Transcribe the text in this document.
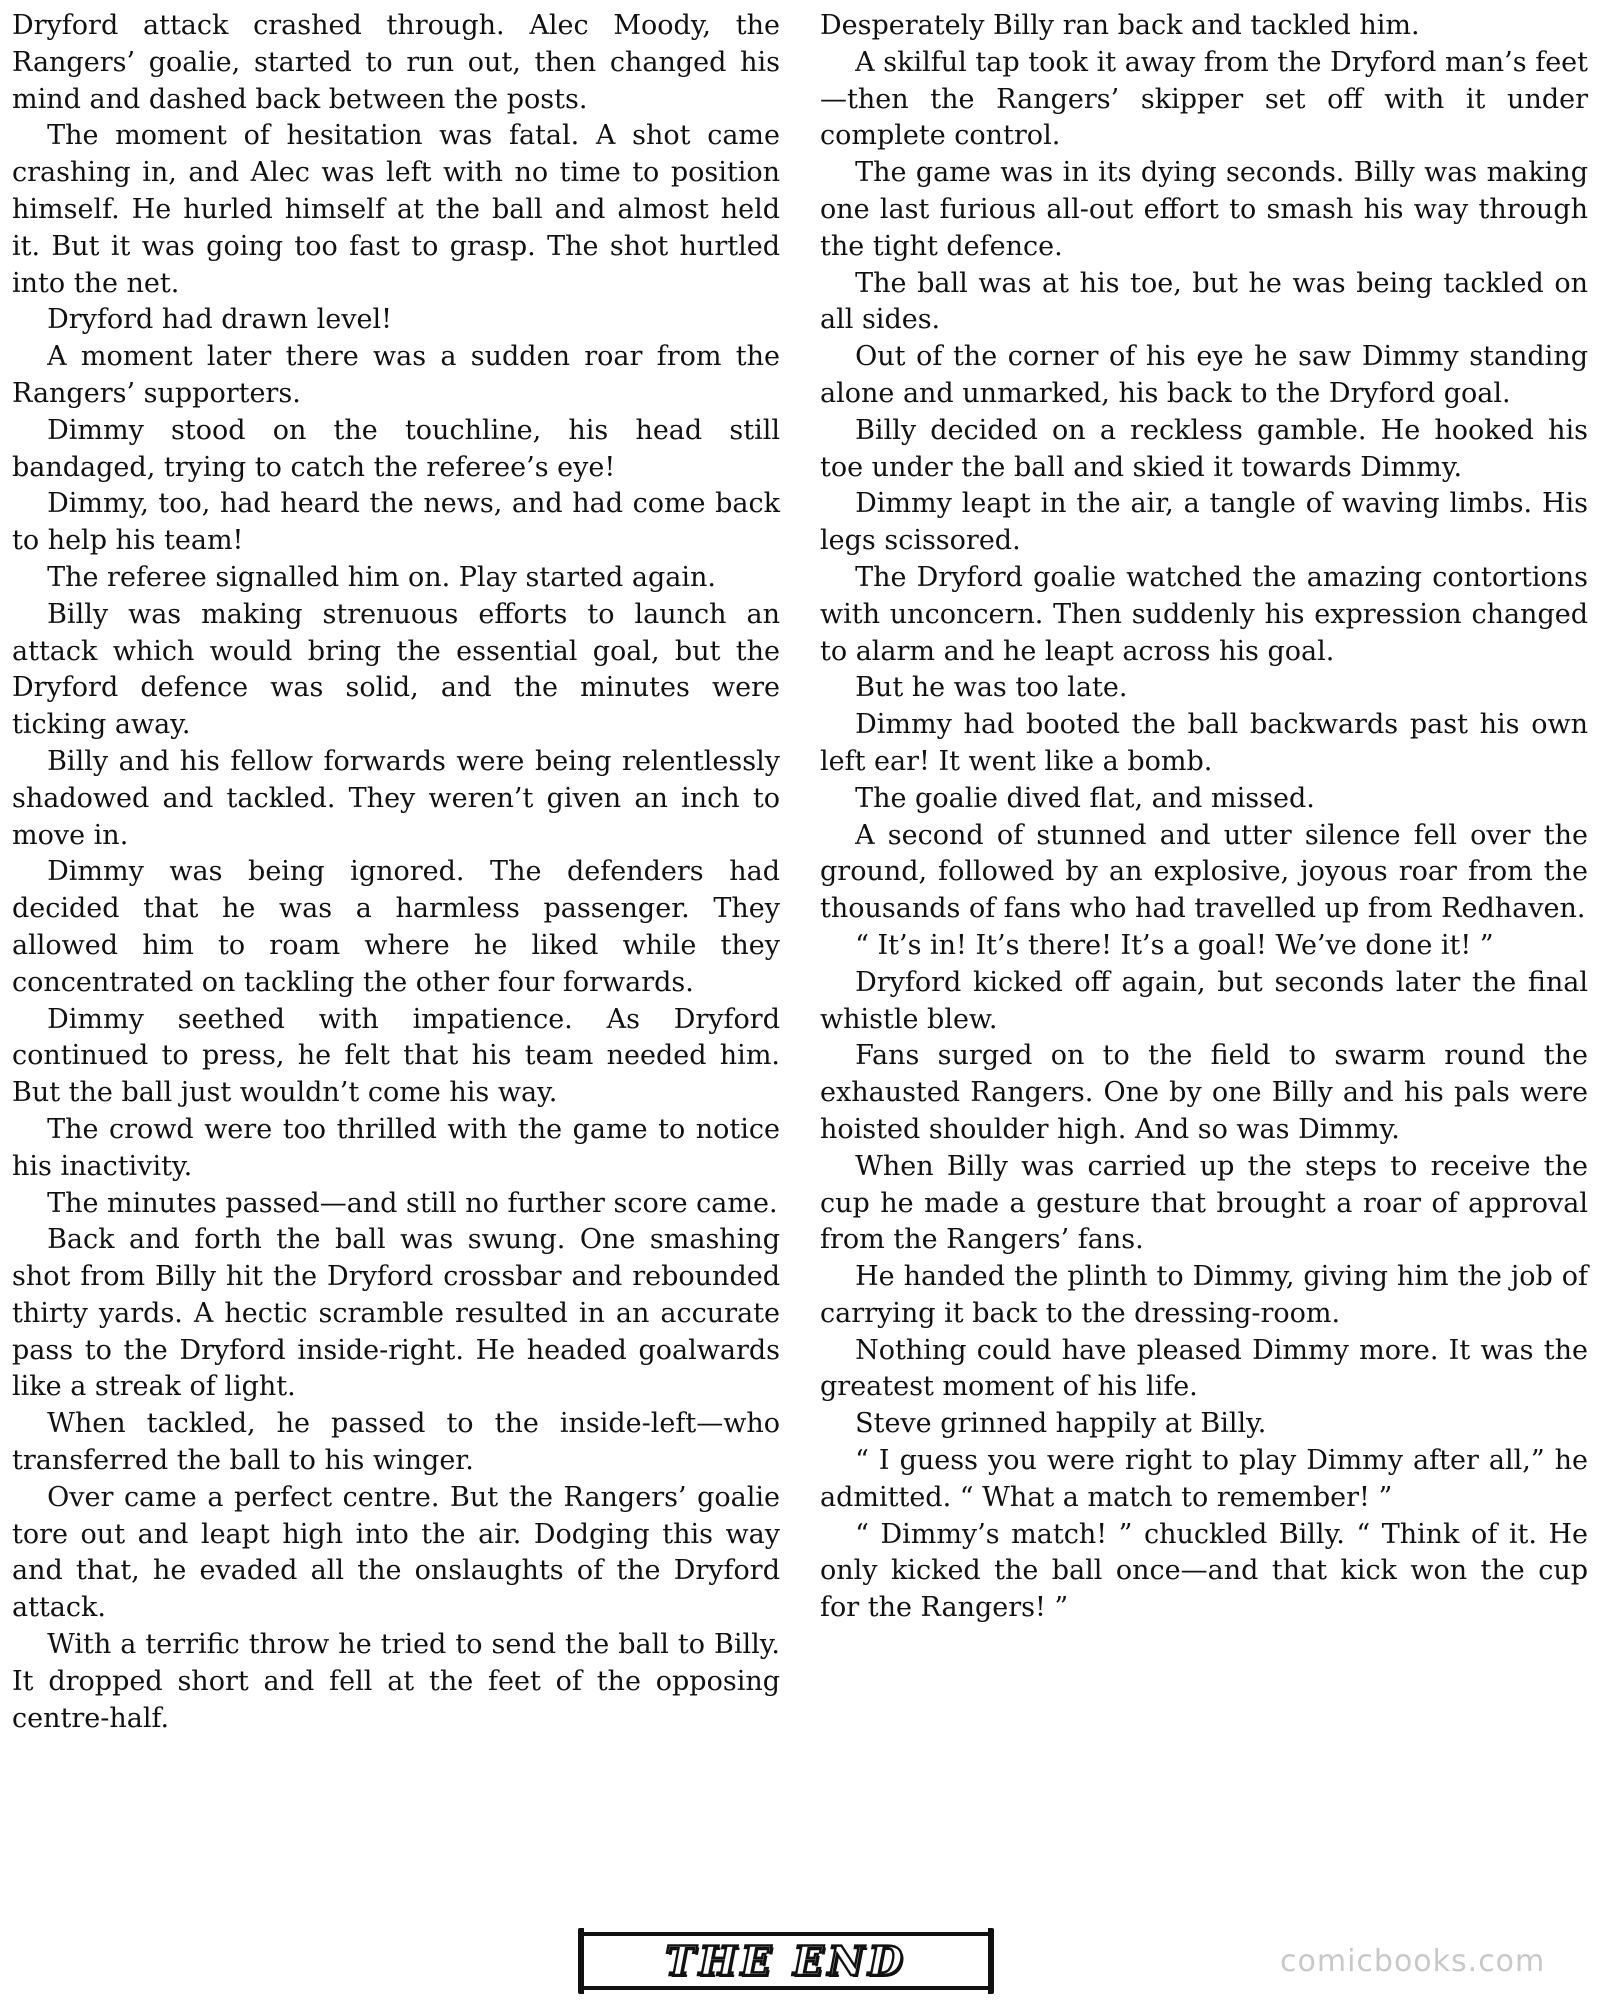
Dryford attack crashed through. Alec Moody, the Rangers’ goalie, started to run out, then changed his mind and dashed back between the posts.

The moment of hesitation was fatal. A shot came crashing in, and Alec was left with no time to position himself. He hurled himself at the ball and almost held it. But it was going too fast to grasp. The shot hurtled into the net.

Dryford had drawn level!

A moment later there was a sudden roar from the Rangers’ supporters.

Dimmy stood on the touchline, his head still bandaged, trying to catch the referee’s eye!

Dimmy, too, had heard the news, and had come back to help his team!

The referee signalled him on. Play started again.

Billy was making strenuous efforts to launch an attack which would bring the essential goal, but the Dryford defence was solid, and the minutes were ticking away.

Billy and his fellow forwards were being relentlessly shadowed and tackled. They weren’t given an inch to move in.

Dimmy was being ignored. The defenders had decided that he was a harmless passenger. They allowed him to roam where he liked while they concentrated on tackling the other four forwards.

Dimmy seethed with impatience. As Dryford continued to press, he felt that his team needed him. But the ball just wouldn’t come his way.

The crowd were too thrilled with the game to notice his inactivity.

The minutes passed—and still no further score came.

Back and forth the ball was swung. One smashing shot from Billy hit the Dryford crossbar and rebounded thirty yards. A hectic scramble resulted in an accurate pass to the Dryford inside-right. He headed goalwards like a streak of light.

When tackled, he passed to the inside-left—who transferred the ball to his winger.

Over came a perfect centre. But the Rangers’ goalie tore out and leapt high into the air. Dodging this way and that, he evaded all the onslaughts of the Dryford attack.

With a terrific throw he tried to send the ball to Billy. It dropped short and fell at the feet of the opposing centre-half.

Desperately Billy ran back and tackled him.

A skilful tap took it away from the Dryford man’s feet—then the Rangers’ skipper set off with it under complete control.

The game was in its dying seconds. Billy was making one last furious all-out effort to smash his way through the tight defence.

The ball was at his toe, but he was being tackled on all sides.

Out of the corner of his eye he saw Dimmy standing alone and unmarked, his back to the Dryford goal.

Billy decided on a reckless gamble. He hooked his toe under the ball and skied it towards Dimmy.

Dimmy leapt in the air, a tangle of waving limbs. His legs scissored.

The Dryford goalie watched the amazing contortions with unconcern. Then suddenly his expression changed to alarm and he leapt across his goal.

But he was too late.

Dimmy had booted the ball backwards past his own left ear! It went like a bomb.

The goalie dived flat, and missed.

A second of stunned and utter silence fell over the ground, followed by an explosive, joyous roar from the thousands of fans who had travelled up from Redhaven.

“ It’s in! It’s there! It’s a goal! We’ve done it! ”

Dryford kicked off again, but seconds later the final whistle blew.

Fans surged on to the field to swarm round the exhausted Rangers. One by one Billy and his pals were hoisted shoulder high. And so was Dimmy.

When Billy was carried up the steps to receive the cup he made a gesture that brought a roar of approval from the Rangers’ fans.

He handed the plinth to Dimmy, giving him the job of carrying it back to the dressing-room.

Nothing could have pleased Dimmy more. It was the greatest moment of his life.

Steve grinned happily at Billy.

“ I guess you were right to play Dimmy after all,” he admitted. “ What a match to remember! ”

“ Dimmy’s match! ” chuckled Billy. “ Think of it. He only kicked the ball once—and that kick won the cup for the Rangers! ”

THE END	comicbooks.com
